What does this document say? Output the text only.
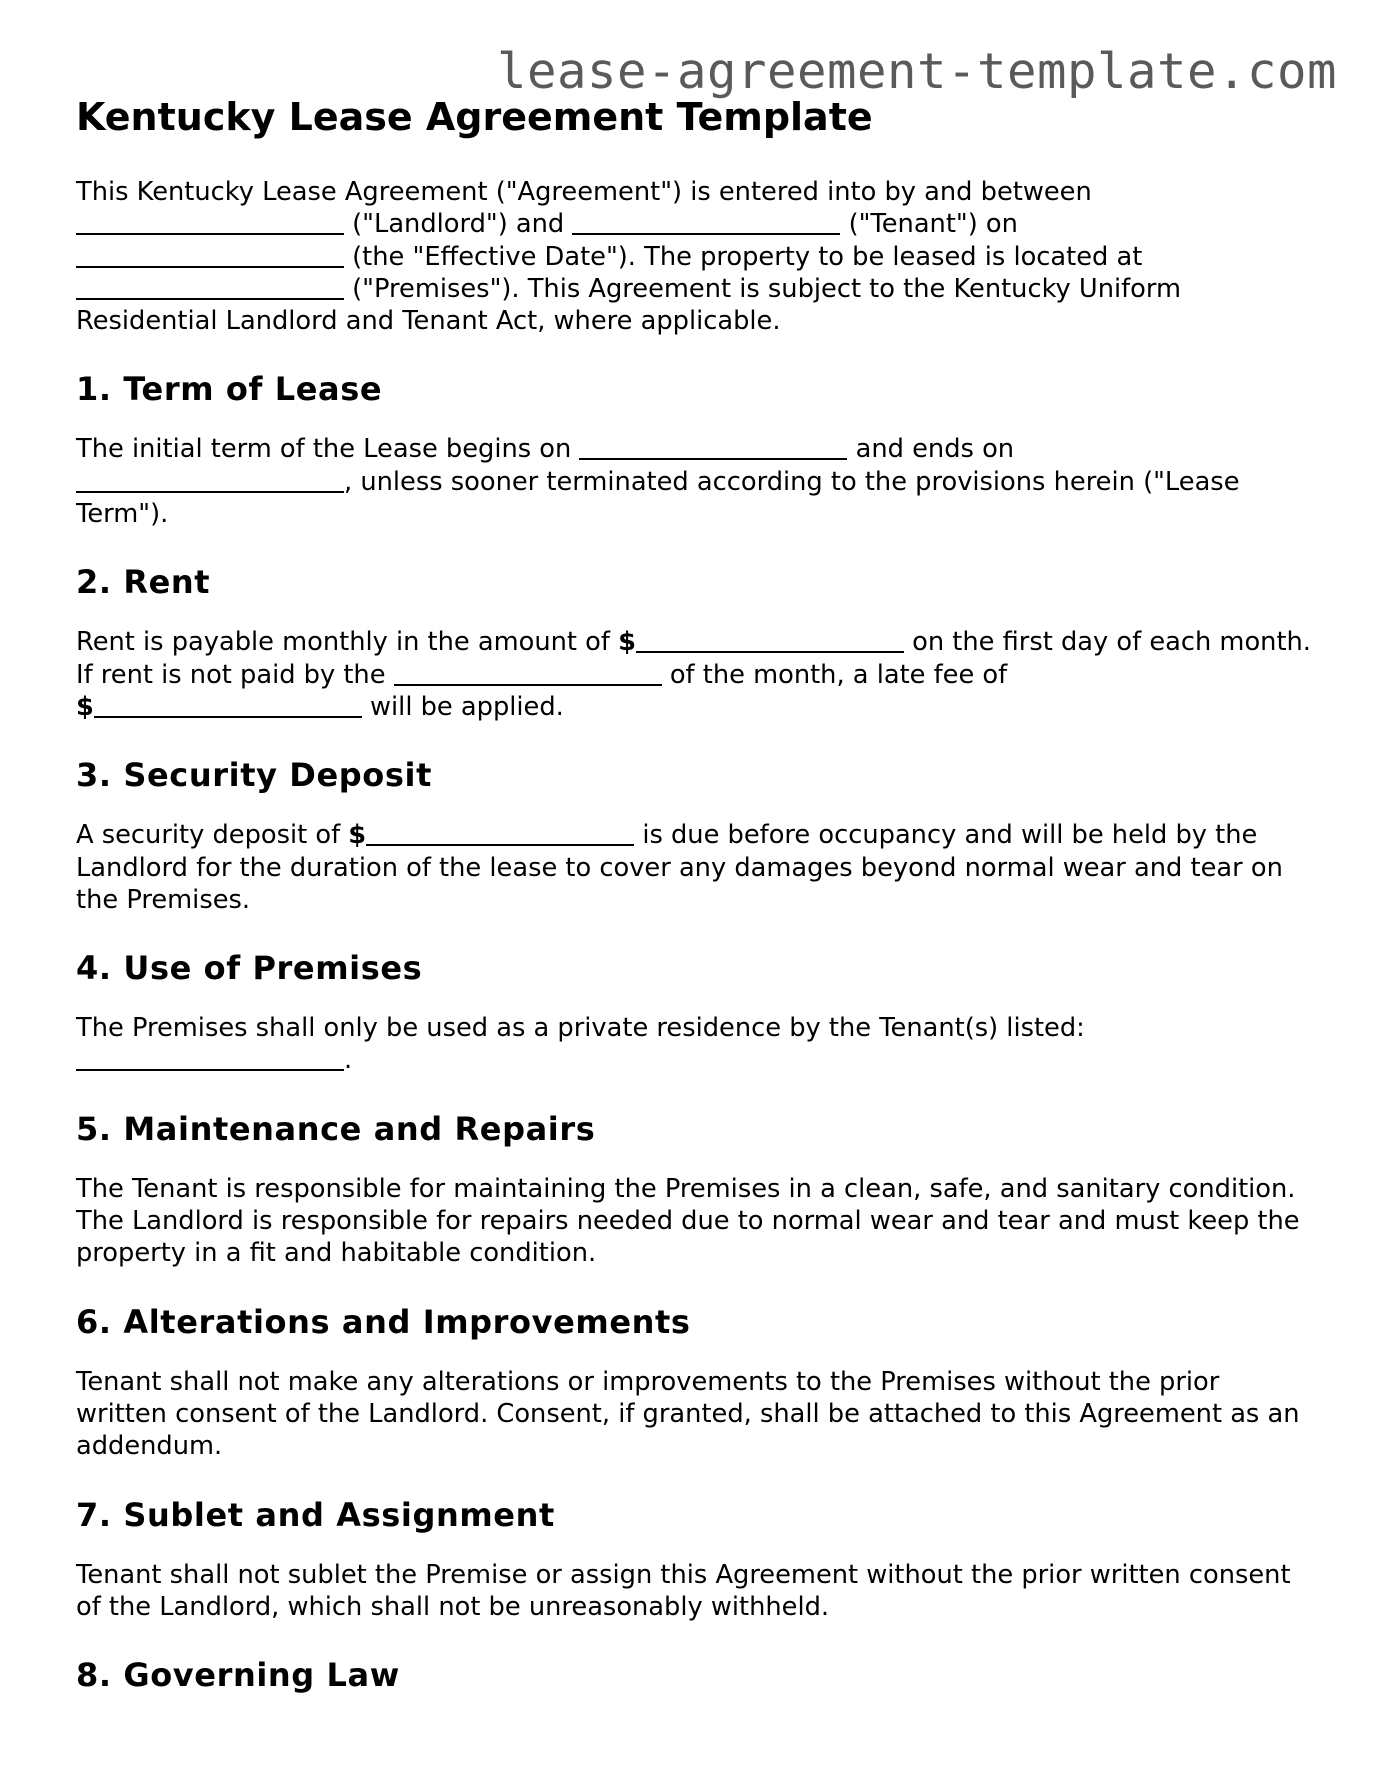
lease-agreement-template.com
Kentucky Lease Agreement Template

This Kentucky Lease Agreement ("Agreement") is entered into by and between
("Landlord") and	("Tenant") on
(the "Effective Date"). The property to be leased is located at
("Premises"). This Agreement is subject to the Kentucky Uniform Residential Landlord and Tenant Act, where applicable.

1. Term of Lease

The initial term of the Lease begins on	and ends on
, unless sooner terminated according to the provisions herein ("Lease Term").

2. Rent

Rent is payable monthly in the amount of $	on the first day of each month. If rent is not paid by the	of the month, a late fee of
$	will be applied.

3. Security Deposit

A security deposit of $	is due before occupancy and will be held by the Landlord for the duration of the lease to cover any damages beyond normal wear and tear on the Premises.

4. Use of Premises

The Premises shall only be used as a private residence by the Tenant(s) listed:
.

5. Maintenance and Repairs

The Tenant is responsible for maintaining the Premises in a clean, safe, and sanitary condition. The Landlord is responsible for repairs needed due to normal wear and tear and must keep the property in a fit and habitable condition.

6. Alterations and Improvements

Tenant shall not make any alterations or improvements to the Premises without the prior written consent of the Landlord. Consent, if granted, shall be attached to this Agreement as an addendum.

7. Sublet and Assignment

Tenant shall not sublet the Premise or assign this Agreement without the prior written consent of the Landlord, which shall not be unreasonably withheld.

8. Governing Law
